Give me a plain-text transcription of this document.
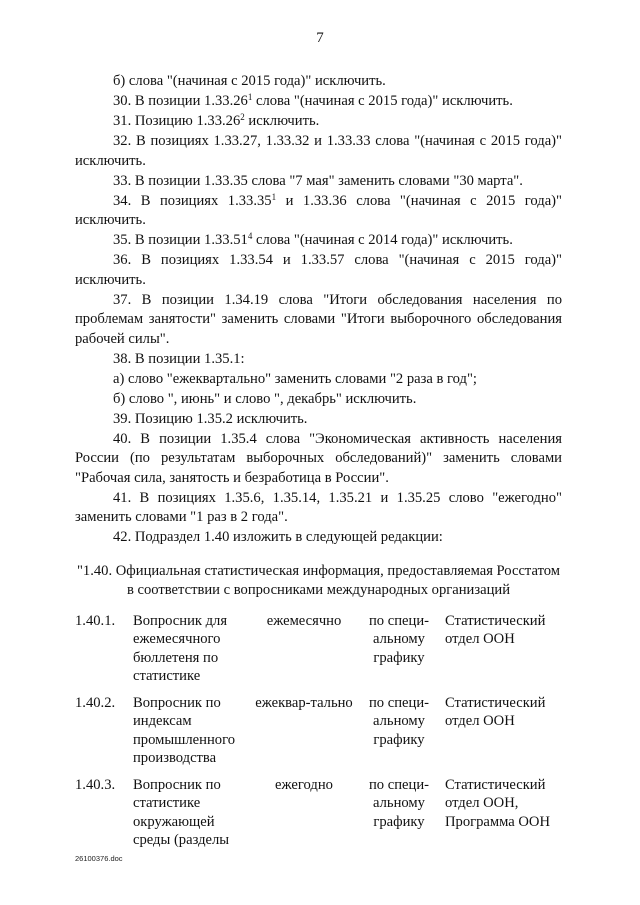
7
б) слова "(начиная с 2015 года)" исключить.
30. В позиции 1.33.26$^1$ слова "(начиная с 2015 года)" исключить.
31. Позицию 1.33.26$^2$ исключить.
32. В позициях 1.33.27, 1.33.32 и 1.33.33 слова "(начиная с 2015 года)" исключить.
33. В позиции 1.33.35 слова "7 мая" заменить словами "30 марта".
34. В позициях 1.33.35$^1$ и 1.33.36 слова "(начиная с 2015 года)" исключить.
35. В позиции 1.33.51$^4$ слова "(начиная с 2014 года)" исключить.
36. В позициях 1.33.54 и 1.33.57 слова "(начиная с 2015 года)" исключить.
37. В позиции 1.34.19 слова "Итоги обследования населения по проблемам занятости" заменить словами "Итоги выборочного обследования рабочей силы".
38. В позиции 1.35.1:
а) слово "ежеквартально" заменить словами "2 раза в год";
б) слово ", июнь" и слово ", декабрь" исключить.
39. Позицию 1.35.2 исключить.
40. В позиции 1.35.4 слова "Экономическая активность населения России (по результатам выборочных обследований)" заменить словами "Рабочая сила, занятость и безработица в России".
41. В позициях 1.35.6, 1.35.14, 1.35.21 и 1.35.25 слово "ежегодно" заменить словами "1 раз в 2 года".
42. Подраздел 1.40 изложить в следующей редакции:
"1.40. Официальная статистическая информация, предоставляемая Росстатом в соответствии с вопросниками международных организаций
1.40.1.	Вопросник для ежемесячного бюллетеня по статистике	ежемесячно	по специ-альному графику	Статистический отдел ООН
1.40.2.	Вопросник по индексам промышленного производства	ежеквар-тально	по специ-альному графику	Статистический отдел ООН
1.40.3.	Вопросник по статистике окружающей среды (разделы	ежегодно	по специ-альному графику	Статистический отдел ООН, Программа ООН
26100376.doc
